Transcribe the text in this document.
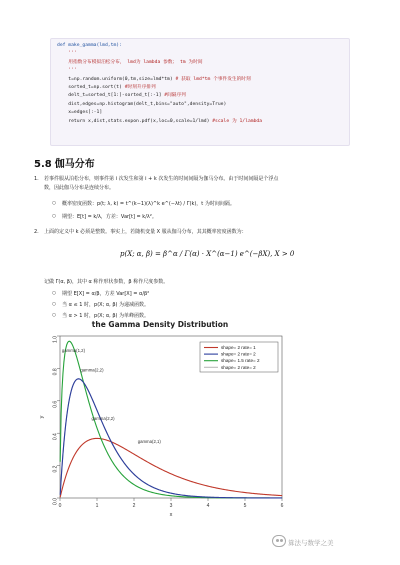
def make_gamma(lmd,tm):
'''
用指数分布模拟泊松分布， lmd为 lambda 参数； tm 为时间
'''
t=np.random.uniform(0,tm,size=lmd*tm) # 获取 lmd*tm 个事件发生的时刻
sorted_t=np.sort(t) #时刻升序排列
delt_t=sorted_t[1:]-sorted_t[:-1] #间隔序列
dist,edges=np.histogram(delt_t,bins="auto",density=True)
x=edges[:-1]
return x,dist,stats.expon.pdf(x,loc=0,scale=1/lmd) #scale 为 1/lambda
5.8 伽马分布
1. 若事件服从泊松分布，则事件第 i 次发生和第 i + k 次发生的时间间隔为伽马分布。由于时间间隔是个浮点
数，因此伽马分布是连续分布。
○ 概率密度函数：p(t; λ, k) = t^(k−1)(λ)^k e^(−λt) / Γ(k)，t 为时间间隔。
○ 期望：E[t] = k/λ，方差：Var[t] = k/λ²。
2. 上面的定义中 k 必须是整数。事实上，若随机变量 X 服从伽马分布，其其概率密度函数为：
p(X; α, β) = β^α / Γ(α) · X^(α−1) e^(−βX), X > 0
记做 Γ(α, β)，其中 α 称作形状参数，β 称作尺度参数。
○ 期望 E[X] = α/β，方差 Var[X] = α/β²
○ 当 α ≤ 1 时，p(X; α, β) 为递减函数。
○ 当 α > 1 时，p(X; α, β) 为单峰函数。
the Gamma Density Distribution
0	1	2	3	4	5	6
0.0
0.2
0.4
0.6
0.8
1.0
x
y
gamma(1,2)
gamma(2,2)
gamma(2,2)
gamma(2,1)
shape= 2 rate= 1
shape= 2 rate= 2
shape= 1.5 rate= 2
shape= 2 rate= 2
算法与数学之美
